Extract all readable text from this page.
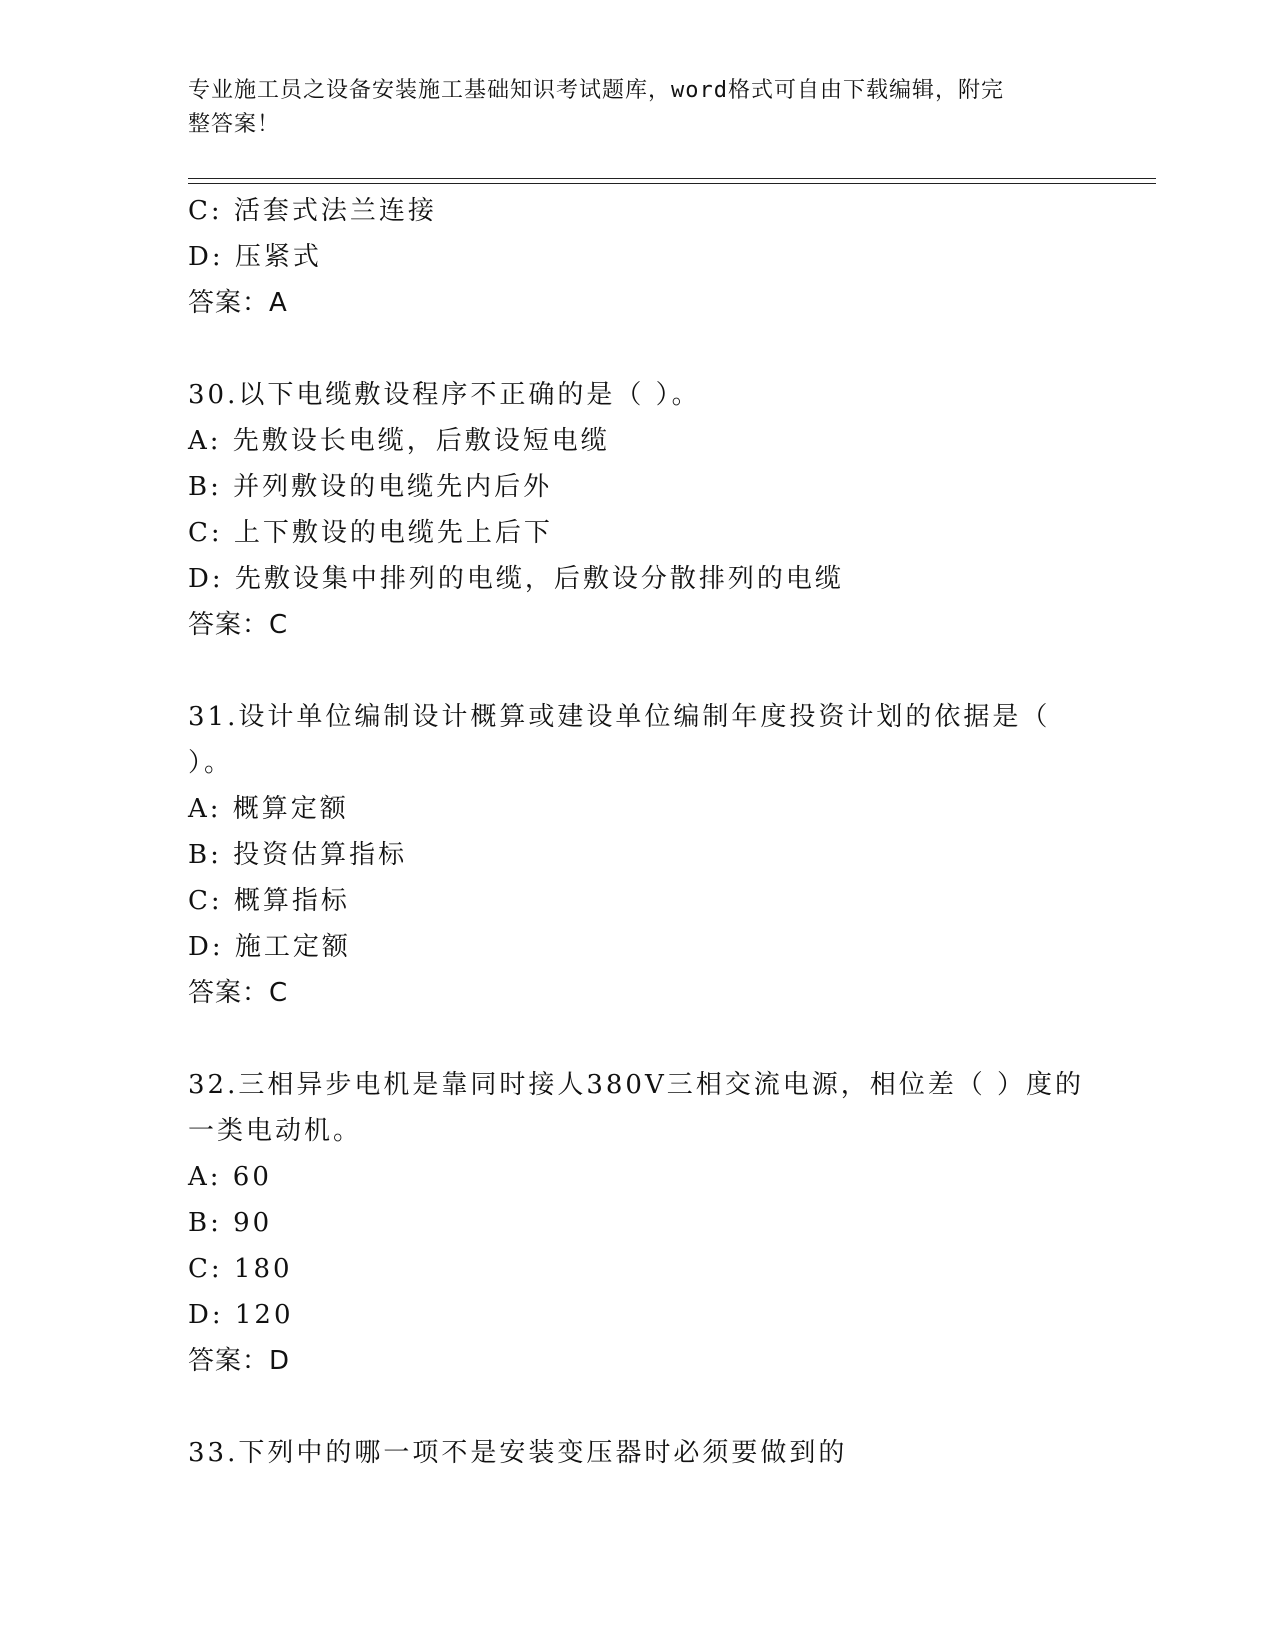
专业施工员之设备安装施工基础知识考试题库，word格式可自由下载编辑，附完
整答案！
C: 活套式法兰连接
D: 压紧式
答案：A
30.以下电缆敷设程序不正确的是（ ）。
A: 先敷设长电缆，后敷设短电缆
B: 并列敷设的电缆先内后外
C: 上下敷设的电缆先上后下
D: 先敷设集中排列的电缆，后敷设分散排列的电缆
答案：C
31.设计单位编制设计概算或建设单位编制年度投资计划的依据是（
）。
A: 概算定额
B: 投资估算指标
C: 概算指标
D: 施工定额
答案：C
32.三相异步电机是靠同时接人380V三相交流电源，相位差（ ）度的
一类电动机。
A: 60
B: 90
C: 180
D: 120
答案：D
33.下列中的哪一项不是安装变压器时必须要做到的
